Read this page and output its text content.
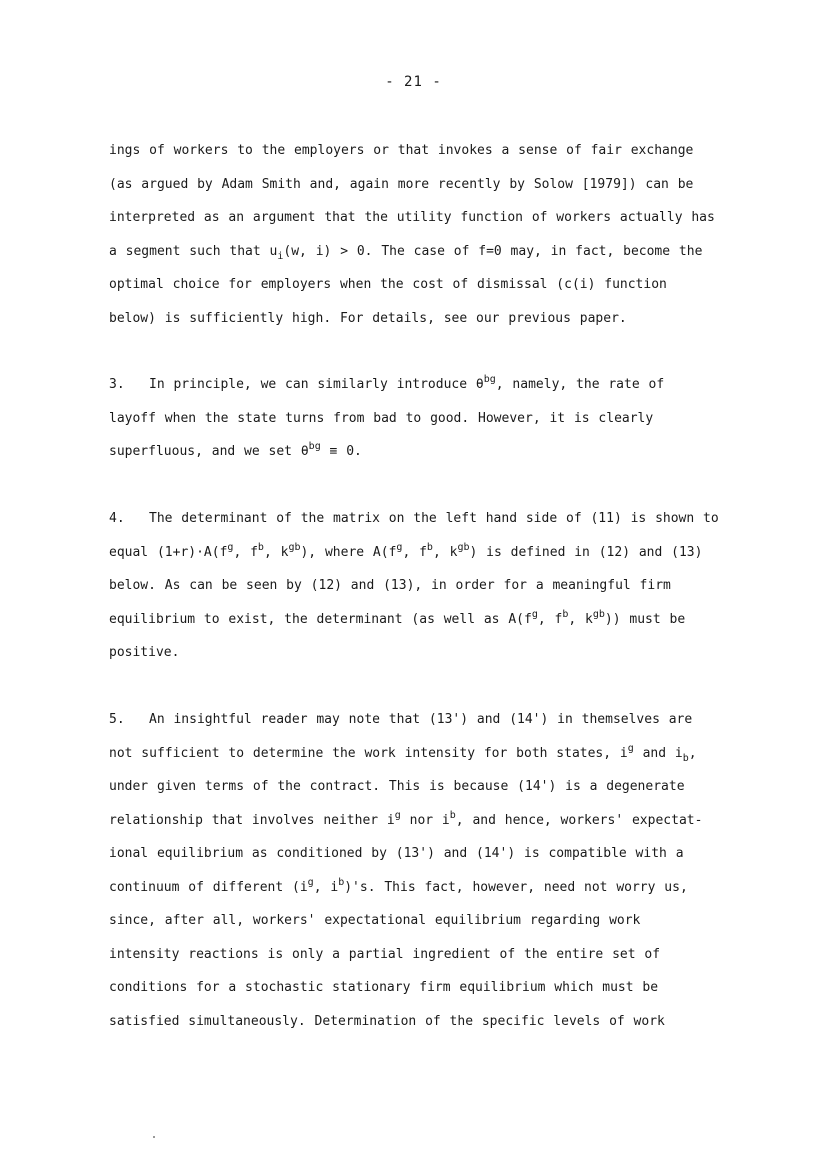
- 21 -

ings of workers to the employers or that invokes a sense of fair exchange

(as argued by Adam Smith and, again more recently by Solow [1979]) can be

interpreted as an argument that the utility function of workers actually has

a segment such that $u_i(w$, i) > 0. The case of f=0 may, in fact, become the

optimal choice for employers when the cost of dismissal (c(i) function

below) is sufficiently high. For details, see our previous paper.

3. In principle, we can similarly introduce $\theta^{bg}$, namely, the rate of

layoff when the state turns from bad to good. However, it is clearly

superfluous, and we set $\theta^{bg} \equiv 0$.

4. The determinant of the matrix on the left hand side of (11) is shown to

equal $(1+r)\cdot A(f^g$, $f^b$, $k^{gb}$), where $A(f^g$, $f^b$, $k^{gb}$) is defined in (12) and (13)

below. As can be seen by (12) and (13), in order for a meaningful firm

equilibrium to exist, the determinant (as well as $A(f^g$, $f^b$, $k^{gb}$)) must be

positive.

5. An insightful reader may note that (13') and (14') in themselves are

not sufficient to determine the work intensity for both states, $i^g$ and $i_b$,

under given terms of the contract. This is because (14') is a degenerate

relationship that involves neither $i^g$ nor $i^b$, and hence, workers' expectat-

ional equilibrium as conditioned by (13') and (14') is compatible with a

continuum of different ($i^g$, $i^b)'s$. This fact, however, need not worry us,

since, after all, workers' expectational equilibrium regarding work

intensity reactions is only a partial ingredient of the entire set of

conditions for a stochastic stationary firm equilibrium which must be

satisfied simultaneously. Determination of the specific levels of work
